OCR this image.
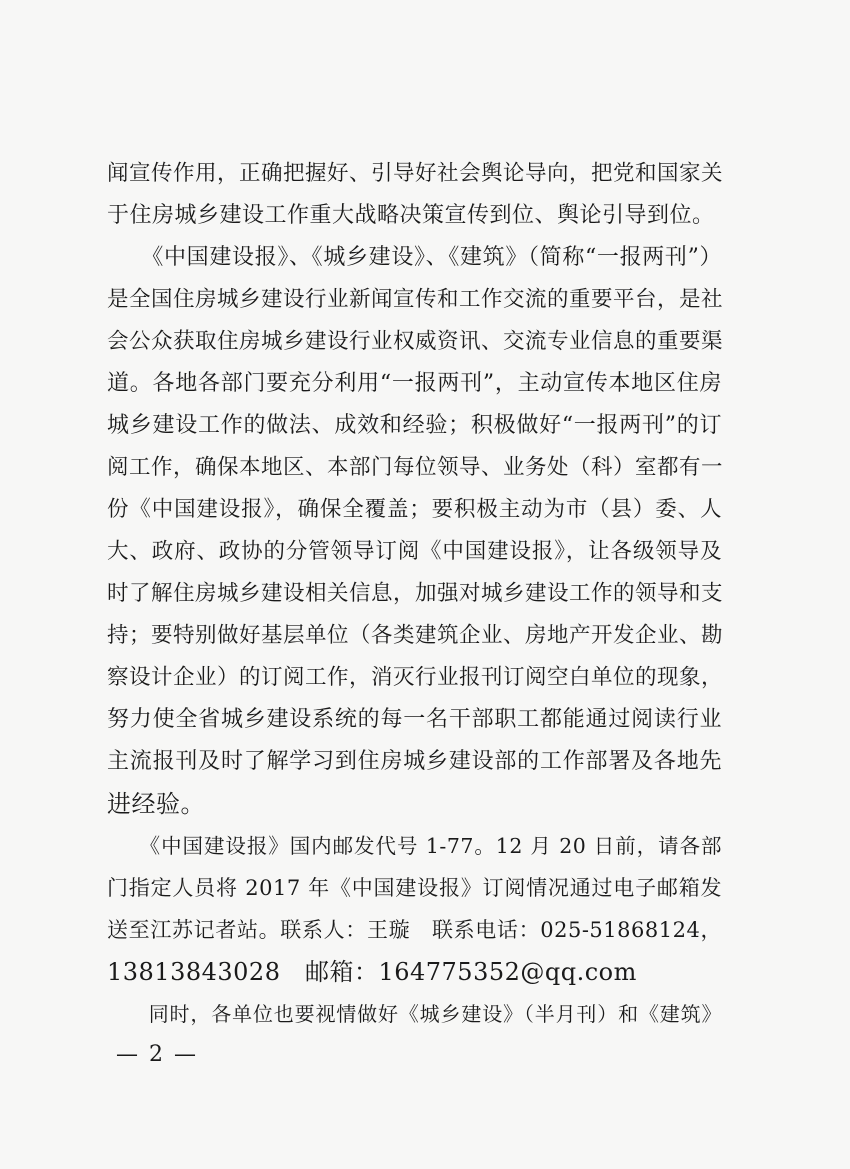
闻宣传作用，正确把握好、引导好社会舆论导向，把党和国家关
于住房城乡建设工作重大战略决策宣传到位、舆论引导到位。
　　《中国建设报》、《城乡建设》、《建筑》（简称“一报两刊”）
是全国住房城乡建设行业新闻宣传和工作交流的重要平台，是社
会公众获取住房城乡建设行业权威资讯、交流专业信息的重要渠
道。各地各部门要充分利用“一报两刊”，主动宣传本地区住房
城乡建设工作的做法、成效和经验；积极做好“一报两刊”的订
阅工作，确保本地区、本部门每位领导、业务处（科）室都有一
份《中国建设报》，确保全覆盖；要积极主动为市（县）委、人
大、政府、政协的分管领导订阅《中国建设报》，让各级领导及
时了解住房城乡建设相关信息，加强对城乡建设工作的领导和支
持；要特别做好基层单位（各类建筑企业、房地产开发企业、勘
察设计企业）的订阅工作，消灭行业报刊订阅空白单位的现象，
努力使全省城乡建设系统的每一名干部职工都能通过阅读行业
主流报刊及时了解学习到住房城乡建设部的工作部署及各地先
进经验。
　　《中国建设报》国内邮发代号 1-77。12 月 20 日前，请各部
门指定人员将 2017 年《中国建设报》订阅情况通过电子邮箱发
送至江苏记者站。联系人：王璇　联系电话：025-51868124，
13813843028　邮箱：164775352@qq.com
　　同时，各单位也要视情做好《城乡建设》（半月刊）和《建筑》
— 2 —
